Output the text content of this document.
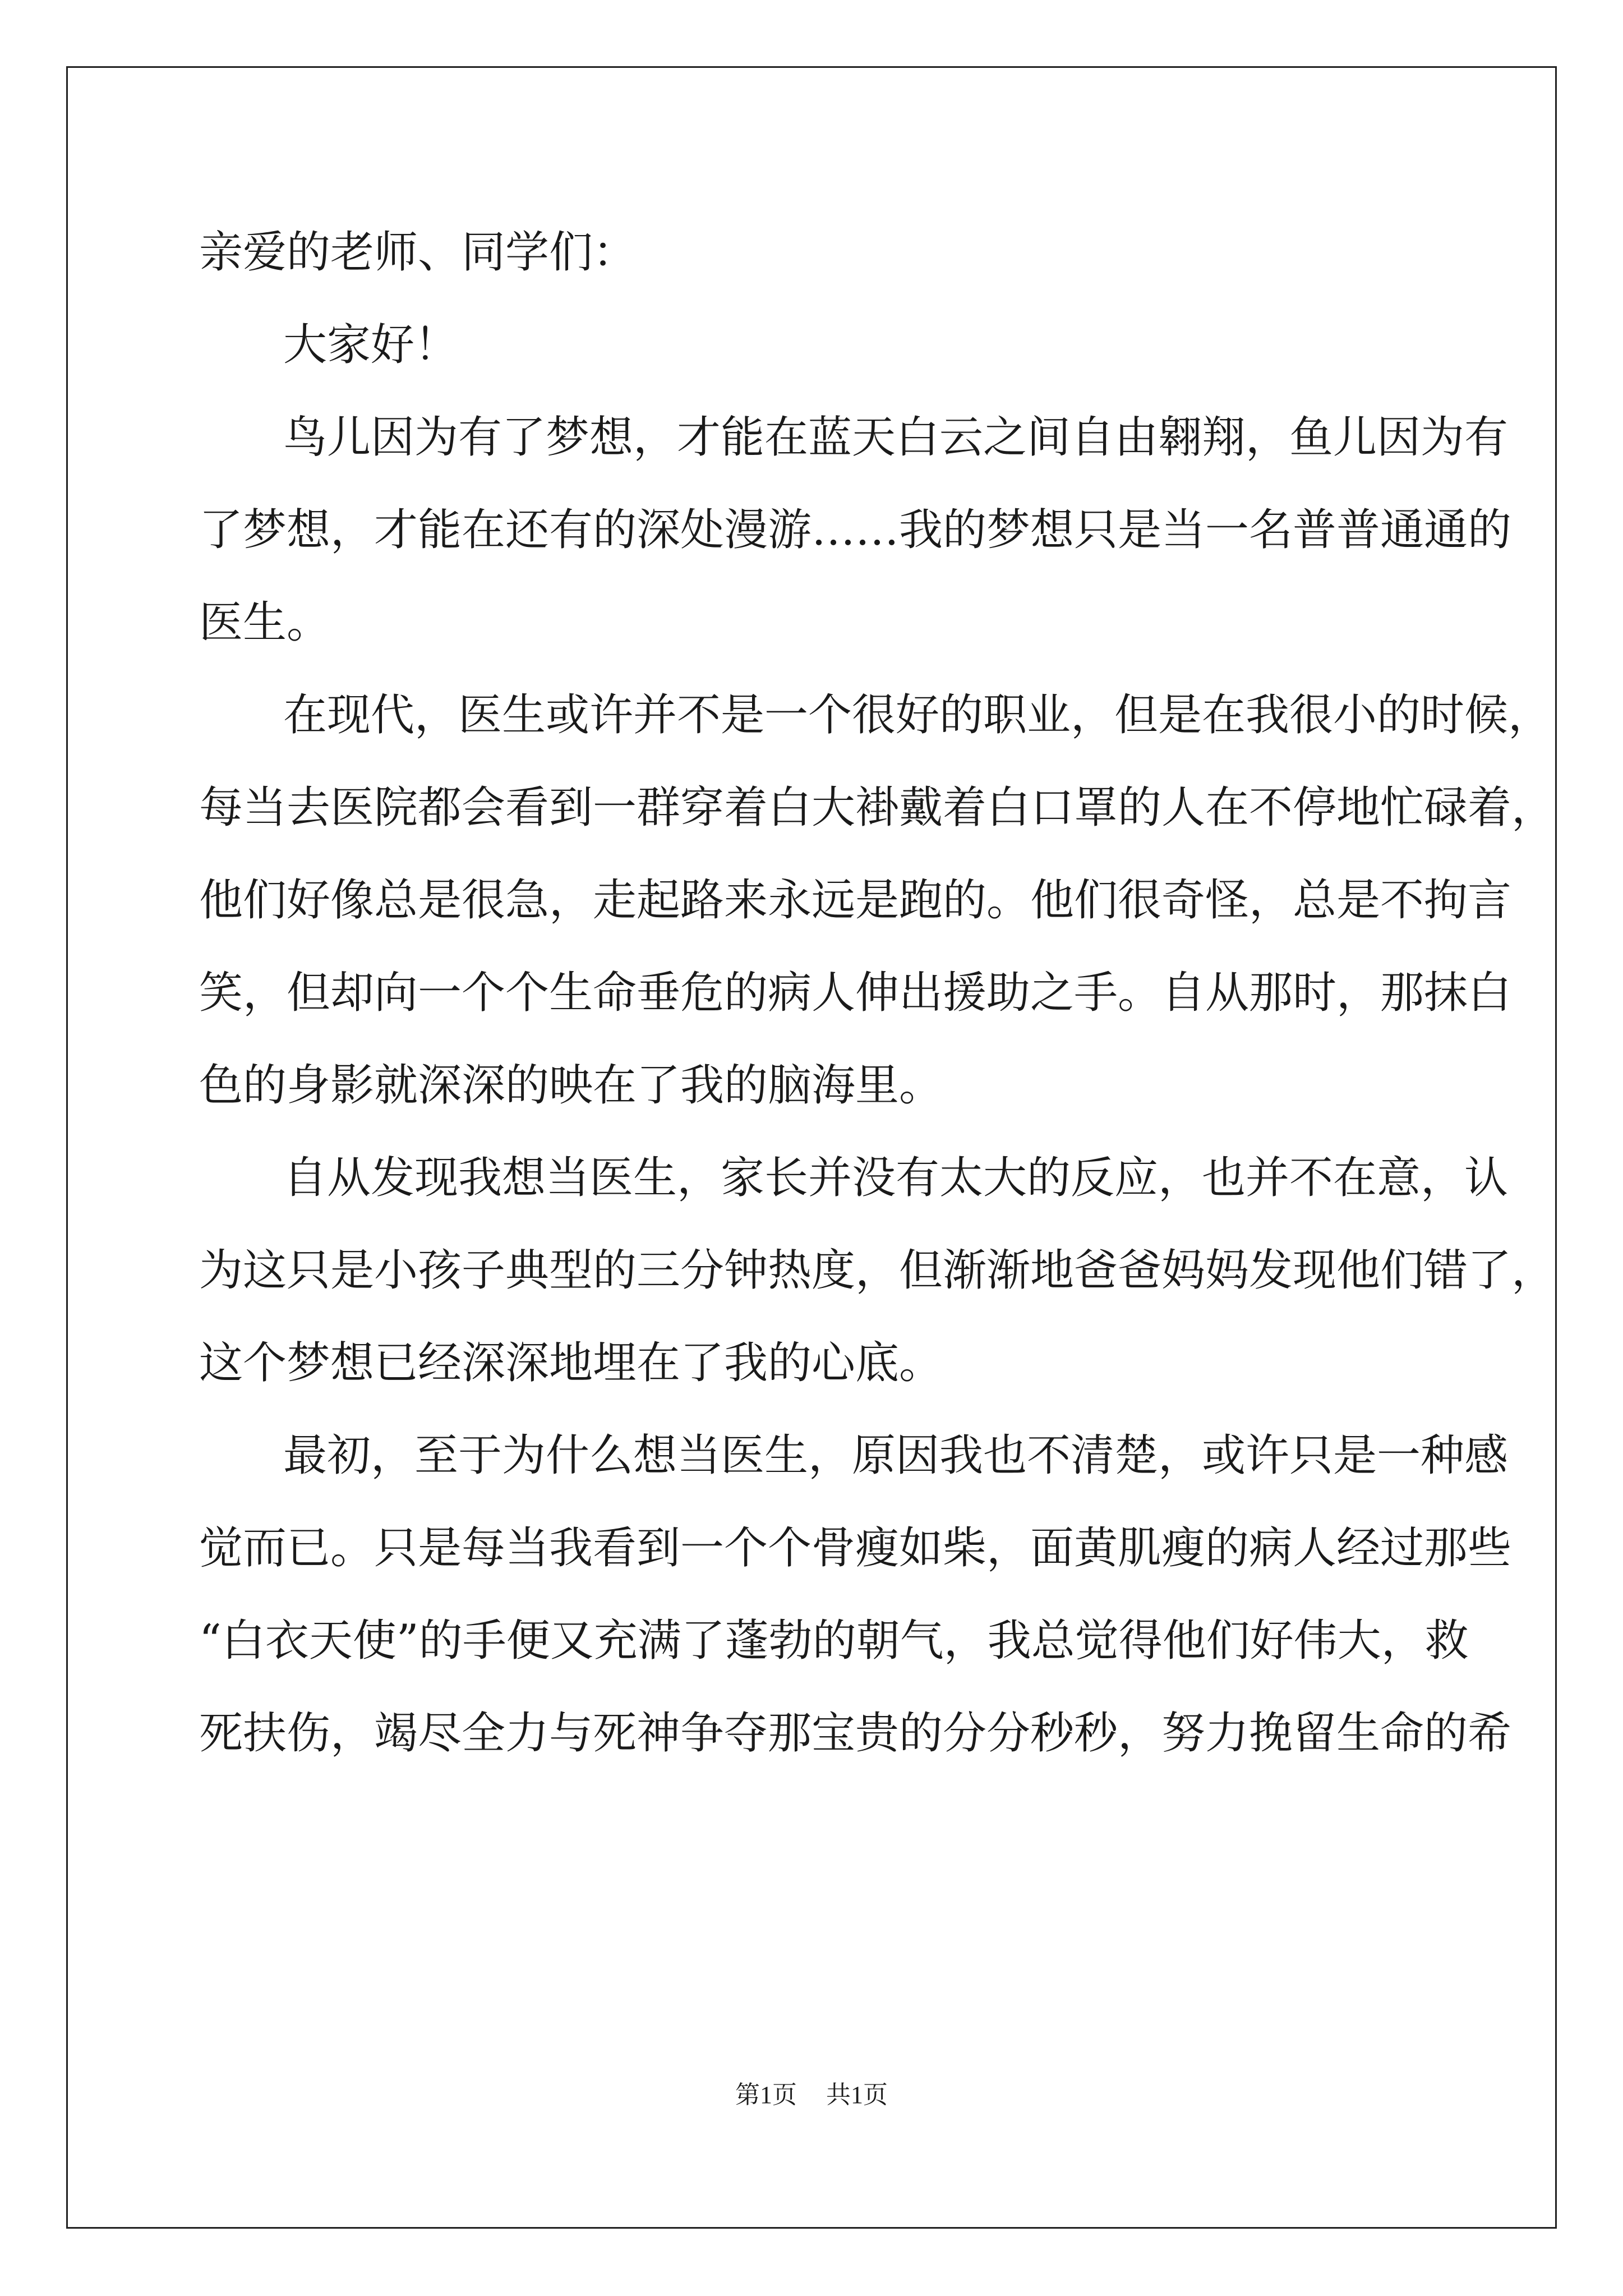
亲爱的老师、同学们：
大家好！
鸟儿因为有了梦想，才能在蓝天白云之间自由翱翔，鱼儿因为有
了梦想，才能在还有的深处漫游……我的梦想只是当一名普普通通的
医生。
在现代，医生或许并不是一个很好的职业，但是在我很小的时候，
每当去医院都会看到一群穿着白大褂戴着白口罩的人在不停地忙碌着，
他们好像总是很急，走起路来永远是跑的。他们很奇怪，总是不拘言
笑，但却向一个个生命垂危的病人伸出援助之手。自从那时，那抹白
色的身影就深深的映在了我的脑海里。
自从发现我想当医生，家长并没有太大的反应，也并不在意，认
为这只是小孩子典型的三分钟热度，但渐渐地爸爸妈妈发现他们错了，
这个梦想已经深深地埋在了我的心底。
最初，至于为什么想当医生，原因我也不清楚，或许只是一种感
觉而已。只是每当我看到一个个骨瘦如柴，面黄肌瘦的病人经过那些
“白衣天使”的手便又充满了蓬勃的朝气，我总觉得他们好伟大，救
死扶伤，竭尽全力与死神争夺那宝贵的分分秒秒，努力挽留生命的希
第1页 共1页
